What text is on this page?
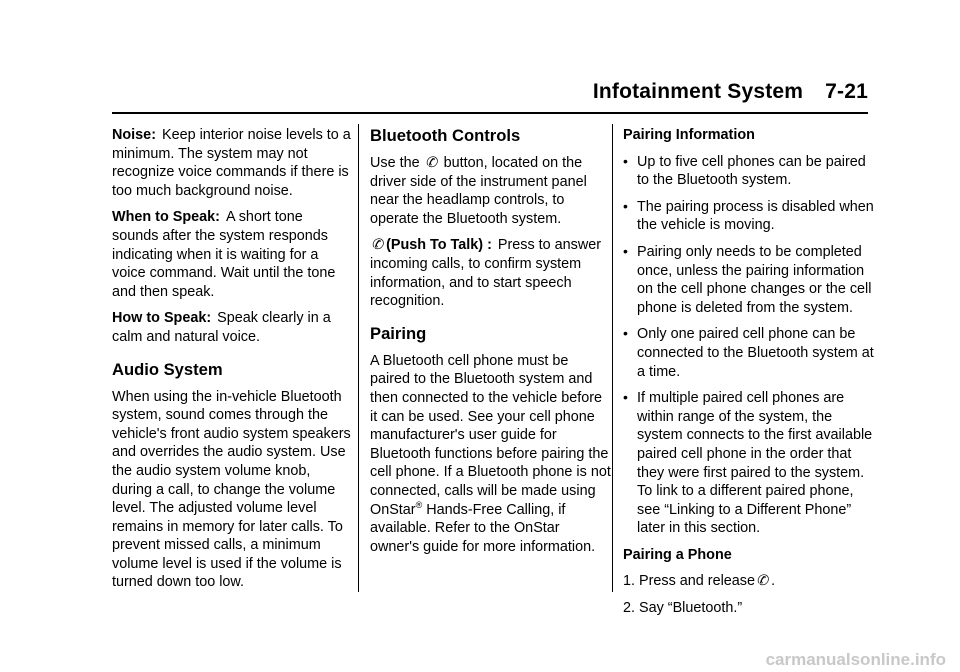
Infotainment System 7-21

Noise: Keep interior noise levels to a minimum. The system may not recognize voice commands if there is too much background noise.

When to Speak: A short tone sounds after the system responds indicating when it is waiting for a voice command. Wait until the tone and then speak.

How to Speak: Speak clearly in a calm and natural voice.

Audio System

When using the in-vehicle Bluetooth system, sound comes through the vehicle's front audio system speakers and overrides the audio system. Use the audio system volume knob, during a call, to change the volume level. The adjusted volume level remains in memory for later calls. To prevent missed calls, a minimum volume level is used if the volume is turned down too low.

Bluetooth Controls

Use the ✆ button, located on the driver side of the instrument panel near the headlamp controls, to operate the Bluetooth system.

✆(Push To Talk) : Press to answer incoming calls, to confirm system information, and to start speech recognition.

Pairing

A Bluetooth cell phone must be paired to the Bluetooth system and then connected to the vehicle before it can be used. See your cell phone manufacturer's user guide for Bluetooth functions before pairing the cell phone. If a Bluetooth phone is not connected, calls will be made using OnStar® Hands-Free Calling, if available. Refer to the OnStar owner's guide for more information.

Pairing Information

• Up to five cell phones can be paired to the Bluetooth system.
• The pairing process is disabled when the vehicle is moving.
• Pairing only needs to be completed once, unless the pairing information on the cell phone changes or the cell phone is deleted from the system.
• Only one paired cell phone can be connected to the Bluetooth system at a time.
• If multiple paired cell phones are within range of the system, the system connects to the first available paired cell phone in the order that they were first paired to the system. To link to a different paired phone, see “Linking to a Different Phone” later in this section.

Pairing a Phone

1. Press and release✆.

2. Say “Bluetooth.”

carmanualsonline.info
